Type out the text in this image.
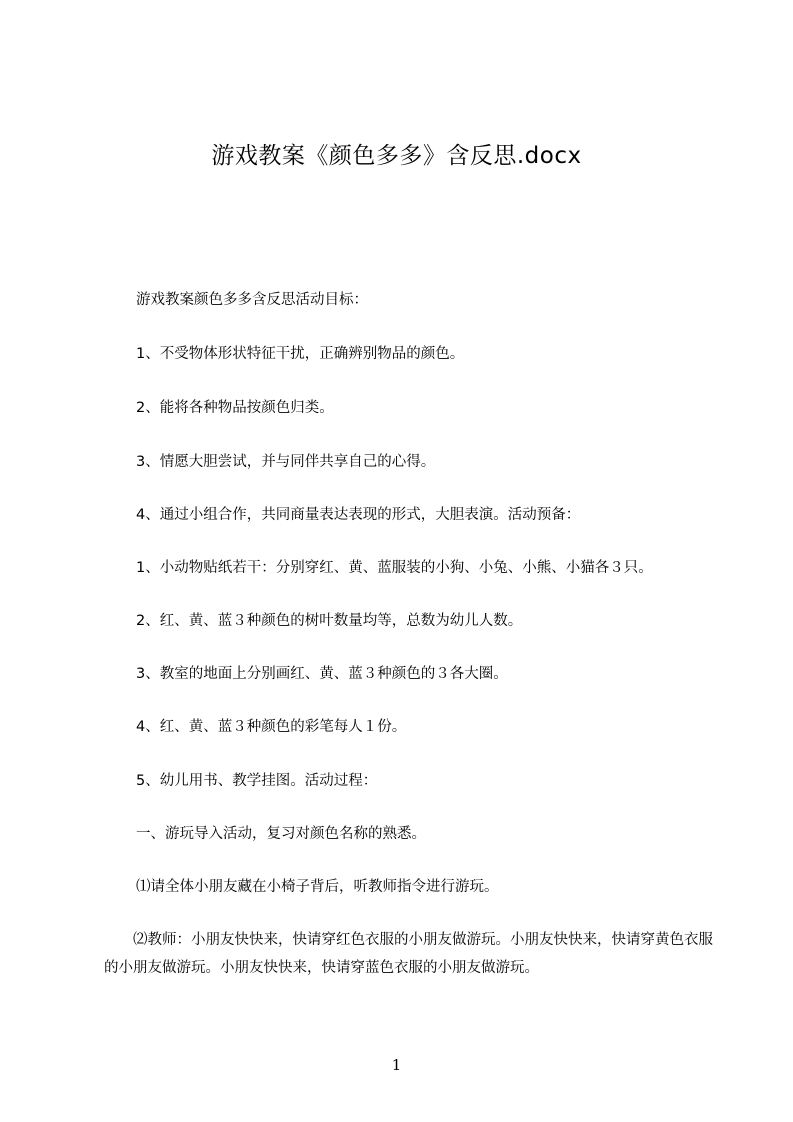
游戏教案《颜色多多》含反思.docx

游戏教案颜色多多含反思活动目标：

1、不受物体形状特征干扰，正确辨别物品的颜色。

2、能将各种物品按颜色归类。

3、情愿大胆尝试，并与同伴共享自己的心得。

4、通过小组合作，共同商量表达表现的形式，大胆表演。活动预备：

1、小动物贴纸若干：分别穿红、黄、蓝服装的小狗、小兔、小熊、小猫各３只。

2、红、黄、蓝３种颜色的树叶数量均等，总数为幼儿人数。

3、教室的地面上分别画红、黄、蓝３种颜色的３各大圈。

4、红、黄、蓝３种颜色的彩笔每人１份。

5、幼儿用书、教学挂图。活动过程：

一、游玩导入活动，复习对颜色名称的熟悉。

⑴请全体小朋友藏在小椅子背后，听教师指令进行游玩。

　　⑵教师：小朋友快快来，快请穿红色衣服的小朋友做游玩。小朋友快快来，快请穿黄色衣服的小朋友做游玩。小朋友快快来，快请穿蓝色衣服的小朋友做游玩。

1
